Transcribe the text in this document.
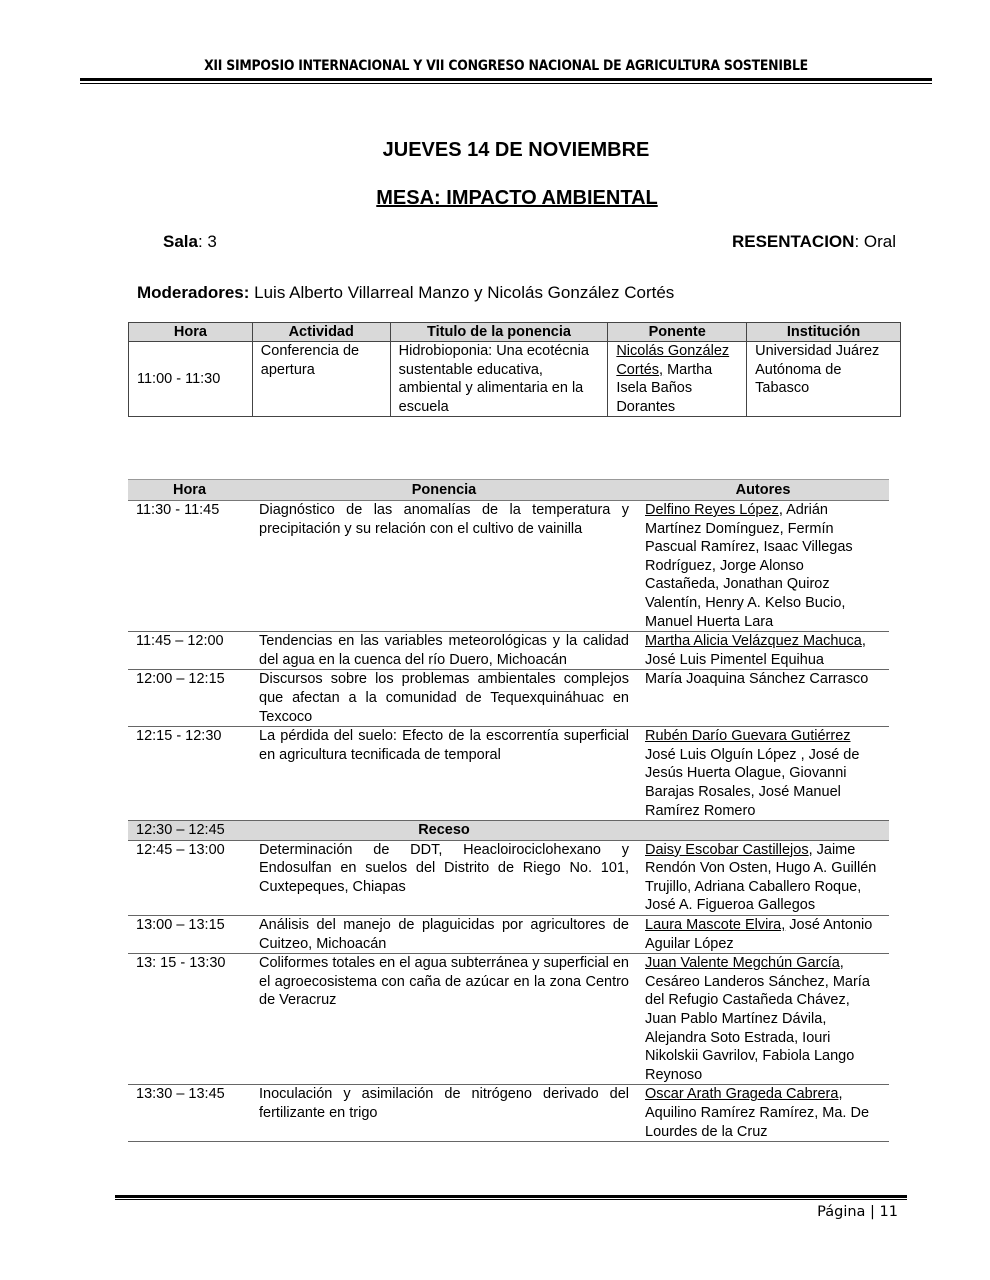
XII SIMPOSIO INTERNACIONAL Y VII CONGRESO NACIONAL DE AGRICULTURA SOSTENIBLE
JUEVES 14 DE NOVIEMBRE
MESA: IMPACTO AMBIENTAL
Sala: 3	RESENTACION: Oral
Moderadores: Luis Alberto Villarreal Manzo y Nicolás González Cortés
Hora	Actividad	Titulo de la ponencia	Ponente	Institución
11:00 - 11:30	Conferencia de apertura	Hidrobioponia: Una ecotécnia sustentable educativa, ambiental y alimentaria en la escuela	Nicolás González Cortés, Martha Isela Baños Dorantes	Universidad Juárez Autónoma de Tabasco
Hora	Ponencia	Autores
11:30 - 11:45	Diagnóstico de las anomalías de la temperatura y precipitación y su relación con el cultivo de vainilla	Delfino Reyes López, Adrián Martínez Domínguez, Fermín Pascual Ramírez, Isaac Villegas Rodríguez, Jorge Alonso Castañeda, Jonathan Quiroz Valentín, Henry A. Kelso Bucio, Manuel Huerta Lara
11:45 – 12:00	Tendencias en las variables meteorológicas y la calidad del agua en la cuenca del río Duero, Michoacán	Martha Alicia Velázquez Machuca, José Luis Pimentel Equihua
12:00 – 12:15	Discursos sobre los problemas ambientales complejos que afectan a la comunidad de Tequexquináhuac en Texcoco	María Joaquina Sánchez Carrasco
12:15 - 12:30	La pérdida del suelo: Efecto de la escorrentía superficial en agricultura tecnificada de temporal	Rubén Darío Guevara Gutiérrez José Luis Olguín López , José de Jesús Huerta Olague, Giovanni Barajas Rosales, José Manuel Ramírez Romero
12:30 – 12:45	Receso	
12:45 – 13:00	Determinación de DDT, Heacloirociclohexano y Endosulfan en suelos del Distrito de Riego No. 101, Cuxtepeques, Chiapas	Daisy Escobar Castillejos, Jaime Rendón Von Osten, Hugo A. Guillén Trujillo, Adriana Caballero Roque, José A. Figueroa Gallegos
13:00 – 13:15	Análisis del manejo de plaguicidas por agricultores de Cuitzeo, Michoacán	Laura Mascote Elvira, José Antonio Aguilar López
13: 15 - 13:30	Coliformes totales en el agua subterránea y superficial en el agroecosistema con caña de azúcar en la zona Centro de Veracruz	Juan Valente Megchún García, Cesáreo Landeros Sánchez, María del Refugio Castañeda Chávez, Juan Pablo Martínez Dávila, Alejandra Soto Estrada, Iouri Nikolskii Gavrilov, Fabiola Lango Reynoso
13:30 – 13:45	Inoculación y asimilación de nitrógeno derivado del fertilizante en trigo	Oscar Arath Grageda Cabrera, Aquilino Ramírez Ramírez, Ma. De Lourdes de la Cruz
Página | 11
